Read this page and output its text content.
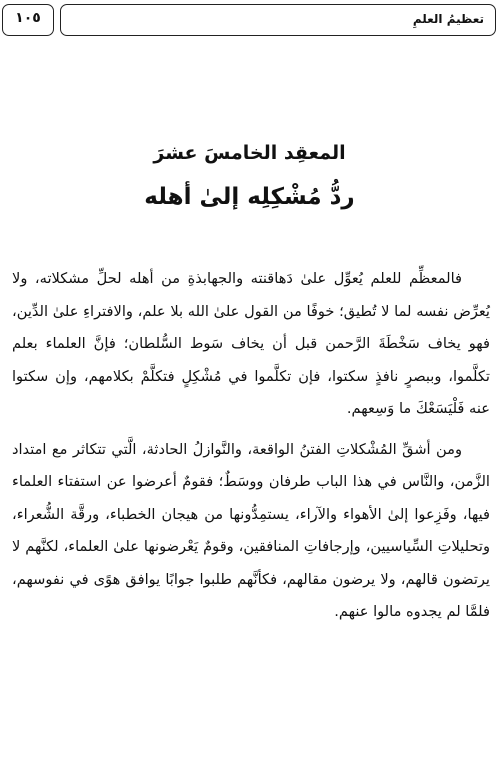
١٠٥	تعظيمُ العلمِ
المعقِد الخامسَ عشرَ
ردُّ مُشْكِلِه إلىٰ أهله

فالمعظِّم للعلم يُعوِّل علىٰ دَهاقنته والجهابذةِ من أهله لحلِّ مشكلاته، ولا يُعرِّض نفسه لما لا تُطيق؛ خوفًا من القول علىٰ الله بلا علم، والافتراءِ علىٰ الدِّين، فهو يخاف سَخْطَةَ الرَّحمن قبل أن يخاف سَوط السُّلطان؛ فإنَّ العلماء بعلم تكلَّموا، وببصرٍ نافذٍ سكتوا، فإن تكلَّموا في مُشْكِلٍ فتكلَّمْ بكلامهم، وإن سكتوا عنه فَلْيَسَعْكَ ما وَسِعهم.

ومن أشقِّ المُشْكلاتِ الفتنُ الواقعة، والنَّوازلُ الحادثة، الَّتي تتكاثر مع امتداد الزَّمن، والنَّاس في هذا الباب طرفان ووسَطٌ؛ فقومٌ أعرضوا عن استفتاء العلماء فيها، وفَزِعوا إلىٰ الأهواء والآراء، يستمِدُّونها من هيجان الخطباء، ورقَّة الشُّعراء، وتحليلاتِ السِّياسيين، وإرجافاتِ المنافقين، وقومٌ يَعْرضونها علىٰ العلماء، لكنَّهم لا يرتضون قالهم، ولا يرضون مقالهم، فكأنَّهم طلبوا جوابًا يوافق هوًى في نفوسهم، فلمَّا لم يجدوه مالوا عنهم.
